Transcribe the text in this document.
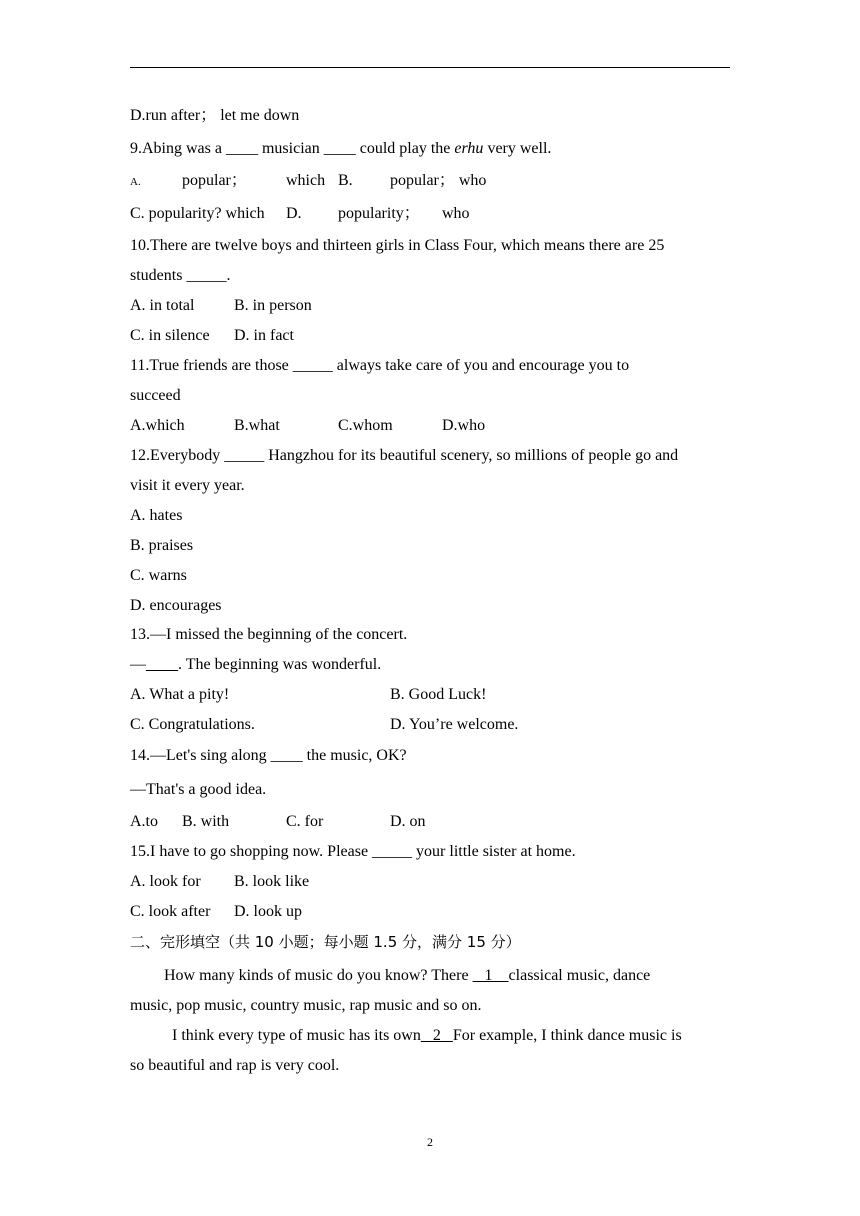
D.run after； let me down
9.Abing was a ____ musician ____ could play the erhu very well.
A.	popular； which B. popular； who
C. popularity? which D. popularity； who
10.There are twelve boys and thirteen girls in Class Four, which means there are 25
students _____.
A. in total B. in person
C. in silence D. in fact
11.True friends are those _____ always take care of you and encourage you to
succeed
A.which	B.what	C.whom	D.who
12.Everybody _____ Hangzhou for its beautiful scenery, so millions of people go and
visit it every year.
A. hates
B. praises
C. warns
D. encourages
13.—I missed the beginning of the concert.
—____. The beginning was wonderful.
A. What a pity!	B. Good Luck!
C. Congratulations.	D. You’re welcome.
14.—Let's sing along ____ the music, OK?
—That's a good idea.
A.to B. with	C. for	D. on
15.I have to go shopping now. Please _____ your little sister at home.
A. look for B. look like
C. look after D. look up
二、完形填空（共 10 小题；每小题 1.5 分，满分 15 分）
How many kinds of music do you know? There 1 classical music, dance
music, pop music, country music, rap music and so on.
I think every type of music has its own 2 For example, I think dance music is
so beautiful and rap is very cool.
2
